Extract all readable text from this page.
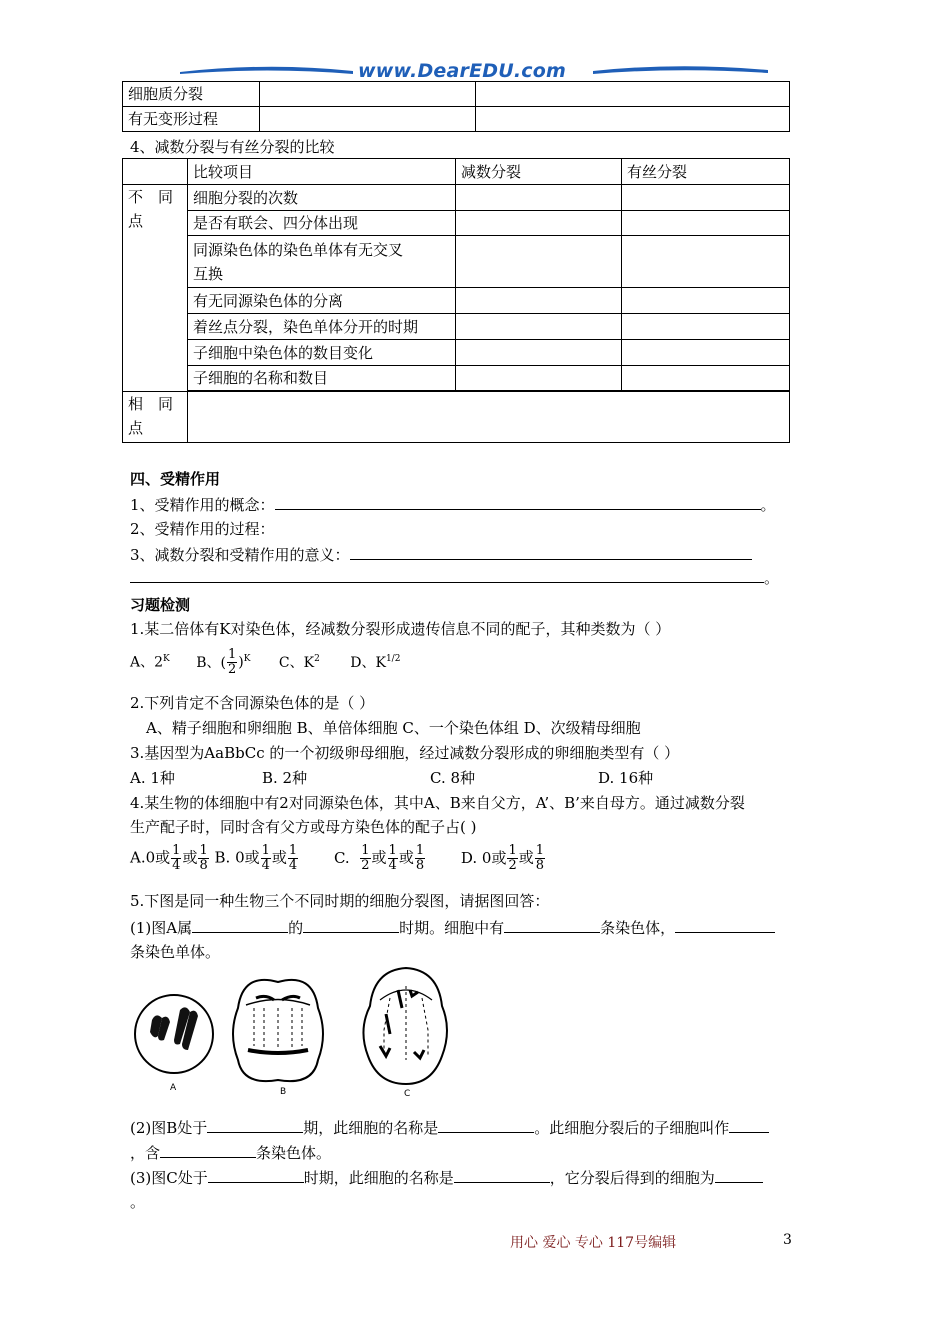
www.DearEDU.com
细胞质分裂		
有无变形过程		
4、减数分裂与有丝分裂的比较
	比较项目	减数分裂	有丝分裂

不　同
点	细胞分裂的次数		
	是否有联会、四分体出现		

	同源染色体的染色单体有无交叉
互换		

	有无同源染色体的分离		
	着丝点分裂，染色单体分开的时期		
	子细胞中染色体的数目变化		
	子细胞的名称和数目		

相　同
点			

四、受精作用
1、受精作用的概念：	。
2、受精作用的过程：
3、减数分裂和受精作用的意义：
。
习题检测
1.某二倍体有K对染色体，经减数分裂形成遗传信息不同的配子，其种类数为（ ）
A、$2^K$ B、( $\frac{1}{2} )^K$ C、$K^2$ D、$K^{1/2}$
2.下列肯定不含同源染色体的是（ ）
A、精子细胞和卵细胞 B、单倍体细胞 C、一个染色体组 D、次级精母细胞
3.基因型为AaBbCc 的一个初级卵母细胞，经过减数分裂形成的卵细胞类型有（ ）
A. 1种	B. 2种	C. 8种	D. 16种
4.某生物的体细胞中有2对同源染色体，其中A、B来自父方，A’、B’来自母方。通过减数分裂
生产配子时，同时含有父方或母方染色体的配子占( )
A.0或 $\frac{1}{4}$ 或 $\frac{1}{8} B$. 0或 $\frac{1}{4}$ 或 $\frac{1}{4} C$. $\frac{1}{2}$ 或 $\frac{1}{4}$ 或 $\frac{1}{8} D$. 0或 $\frac{1}{2}$ 或 $\frac{1}{8}$
5.下图是同一种生物三个不同时期的细胞分裂图，请据图回答：
(1)图A属	的	时期。细胞中有	条染色体，
条染色单体。
A	B	C
(2)图B处于	期，此细胞的名称是	。此细胞分裂后的子细胞叫作
，含	条染色体。
(3)图C处于	时期，此细胞的名称是	，它分裂后得到的细胞为
。
用心 爱心 专心 117号编辑	3
